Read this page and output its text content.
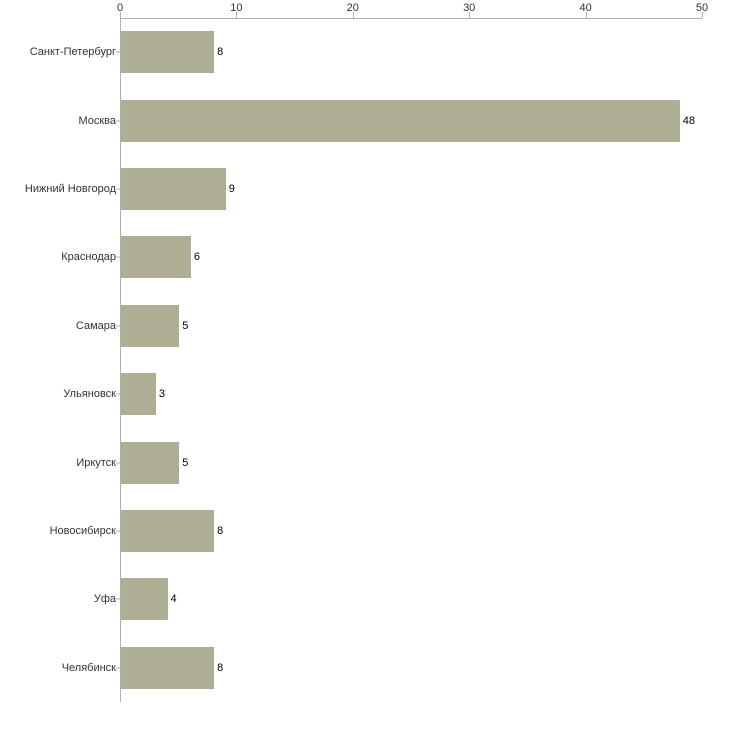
0	10	20	30	40	50
Санкт-Петербург	8
Москва	48
Нижний Новгород	9
Краснодар	6
Самара	5
Ульяновск	3
Иркутск	5
Новосибирск	8
Уфа	4
Челябинск	8
